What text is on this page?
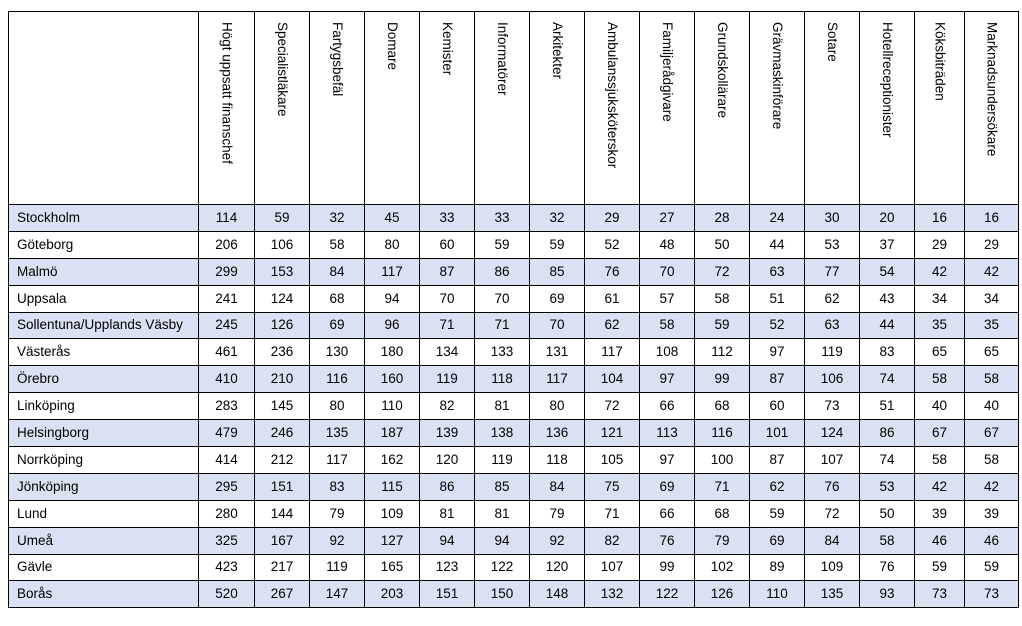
	Högt uppsatt finanschef	Specialistläkare	Fartygsbefäl	Domare	Kemister	Informatörer	Arkitekter	Ambulanssjuksköterskor	Familjerådgivare	Grundskollärare	Grävmaskinförare	Sotare	Hotellreceptionister	Köksbiträden	Marknadsundersökare

Stockholm	114	59	32	45	33	33	32	29	27	28	24	30	20	16	16
Göteborg	206	106	58	80	60	59	59	52	48	50	44	53	37	29	29
Malmö	299	153	84	117	87	86	85	76	70	72	63	77	54	42	42
Uppsala	241	124	68	94	70	70	69	61	57	58	51	62	43	34	34
Sollentuna/Upplands Väsby	245	126	69	96	71	71	70	62	58	59	52	63	44	35	35
Västerås	461	236	130	180	134	133	131	117	108	112	97	119	83	65	65
Örebro	410	210	116	160	119	118	117	104	97	99	87	106	74	58	58
Linköping	283	145	80	110	82	81	80	72	66	68	60	73	51	40	40
Helsingborg	479	246	135	187	139	138	136	121	113	116	101	124	86	67	67
Norrköping	414	212	117	162	120	119	118	105	97	100	87	107	74	58	58
Jönköping	295	151	83	115	86	85	84	75	69	71	62	76	53	42	42
Lund	280	144	79	109	81	81	79	71	66	68	59	72	50	39	39
Umeå	325	167	92	127	94	94	92	82	76	79	69	84	58	46	46
Gävle	423	217	119	165	123	122	120	107	99	102	89	109	76	59	59
Borås	520	267	147	203	151	150	148	132	122	126	110	135	93	73	73
